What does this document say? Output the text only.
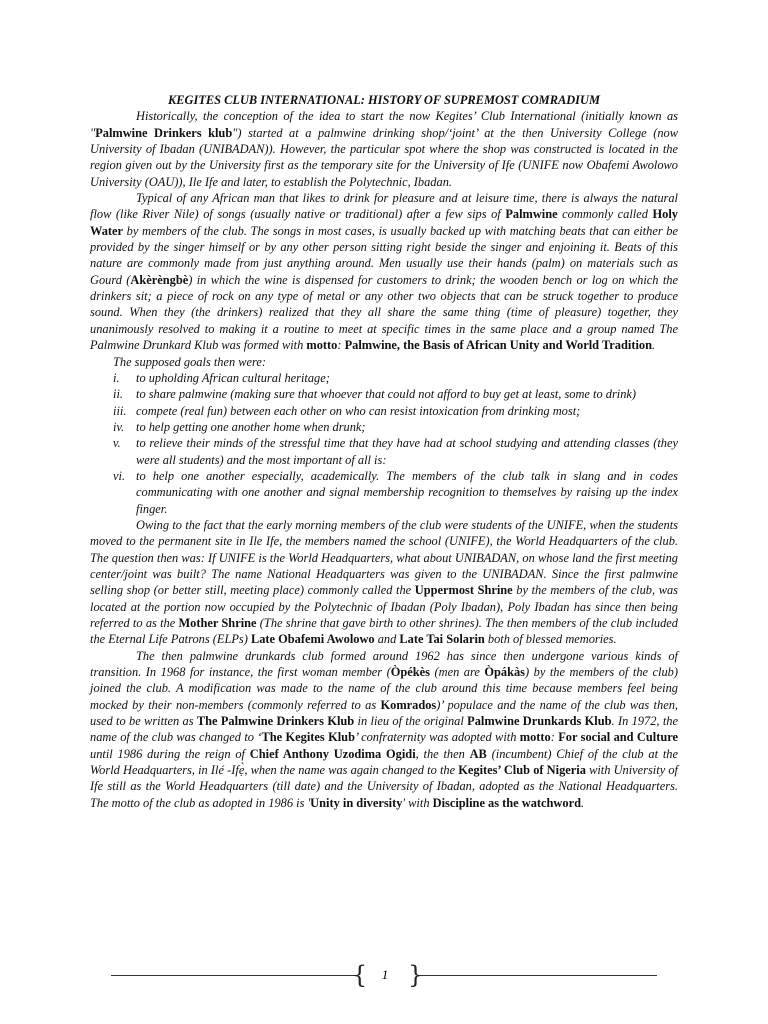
KEGITES CLUB INTERNATIONAL: HISTORY OF SUPREMOST COMRADIUM

Historically, the conception of the idea to start the now Kegites’ Club International (initially known as "Palmwine Drinkers klub") started at a palmwine drinking shop/‘joint’ at the then University College (now University of Ibadan (UNIBADAN)). However, the particular spot where the shop was constructed is located in the region given out by the University first as the temporary site for the University of Ife (UNIFE now Obafemi Awolowo University (OAU)), Ile Ife and later, to establish the Polytechnic, Ibadan.

Typical of any African man that likes to drink for pleasure and at leisure time, there is always the natural flow (like River Nile) of songs (usually native or traditional) after a few sips of Palmwine commonly called Holy Water by members of the club. The songs in most cases, is usually backed up with matching beats that can either be provided by the singer himself or by any other person sitting right beside the singer and enjoining it. Beats of this nature are commonly made from just anything around. Men usually use their hands (palm) on materials such as Gourd (Akèrèngbè) in which the wine is dispensed for customers to drink; the wooden bench or log on which the drinkers sit; a piece of rock on any type of metal or any other two objects that can be struck together to produce sound. When they (the drinkers) realized that they all share the same thing (time of pleasure) together, they unanimously resolved to making it a routine to meet at specific times in the same place and a group named The Palmwine Drunkard Klub was formed with motto: Palmwine, the Basis of African Unity and World Tradition.

The supposed goals then were:

i. to upholding African cultural heritage;
ii. to share palmwine (making sure that whoever that could not afford to buy get at least, some to drink)
iii. compete (real fun) between each other on who can resist intoxication from drinking most;
iv. to help getting one another home when drunk;
v. to relieve their minds of the stressful time that they have had at school studying and attending classes (they were all students) and the most important of all is:
vi. to help one another especially, academically. The members of the club talk in slang and in codes communicating with one another and signal membership recognition to themselves by raising up the index finger.

Owing to the fact that the early morning members of the club were students of the UNIFE, when the students moved to the permanent site in Ile Ife, the members named the school (UNIFE), the World Headquarters of the club. The question then was: If UNIFE is the World Headquarters, what about UNIBADAN, on whose land the first meeting center/joint was built? The name National Headquarters was given to the UNIBADAN. Since the first palmwine selling shop (or better still, meeting place) commonly called the Uppermost Shrine by the members of the club, was located at the portion now occupied by the Polytechnic of Ibadan (Poly Ibadan), Poly Ibadan has since then being referred to as the Mother Shrine (The shrine that gave birth to other shrines). The then members of the club included the Eternal Life Patrons (ELPs) Late Obafemi Awolowo and Late Tai Solarin both of blessed memories.

The then palmwine drunkards club formed around 1962 has since then undergone various kinds of transition. In 1968 for instance, the first woman member (Òpékès (men are Òpákàs) by the members of the club) joined the club. A modification was made to the name of the club around this time because members feel being mocked by their non-members (commonly referred to as Komrados)’ populace and the name of the club was then, used to be written as The Palmwine Drinkers Klub in lieu of the original Palmwine Drunkards Klub. In 1972, the name of the club was changed to ‘The Kegites Klub’ confraternity was adopted with motto: For social and Culture until 1986 during the reign of Chief Anthony Uzodima Ogidi, the then AB (incumbent) Chief of the club at the World Headquarters, in Ilé -Ifẹ̀, when the name was again changed to the Kegites’ Club of Nigeria with University of Ife still as the World Headquarters (till date) and the University of Ibadan, adopted as the National Headquarters. The motto of the club as adopted in 1986 is 'Unity in diversity' with Discipline as the watchword.

{	1 }
